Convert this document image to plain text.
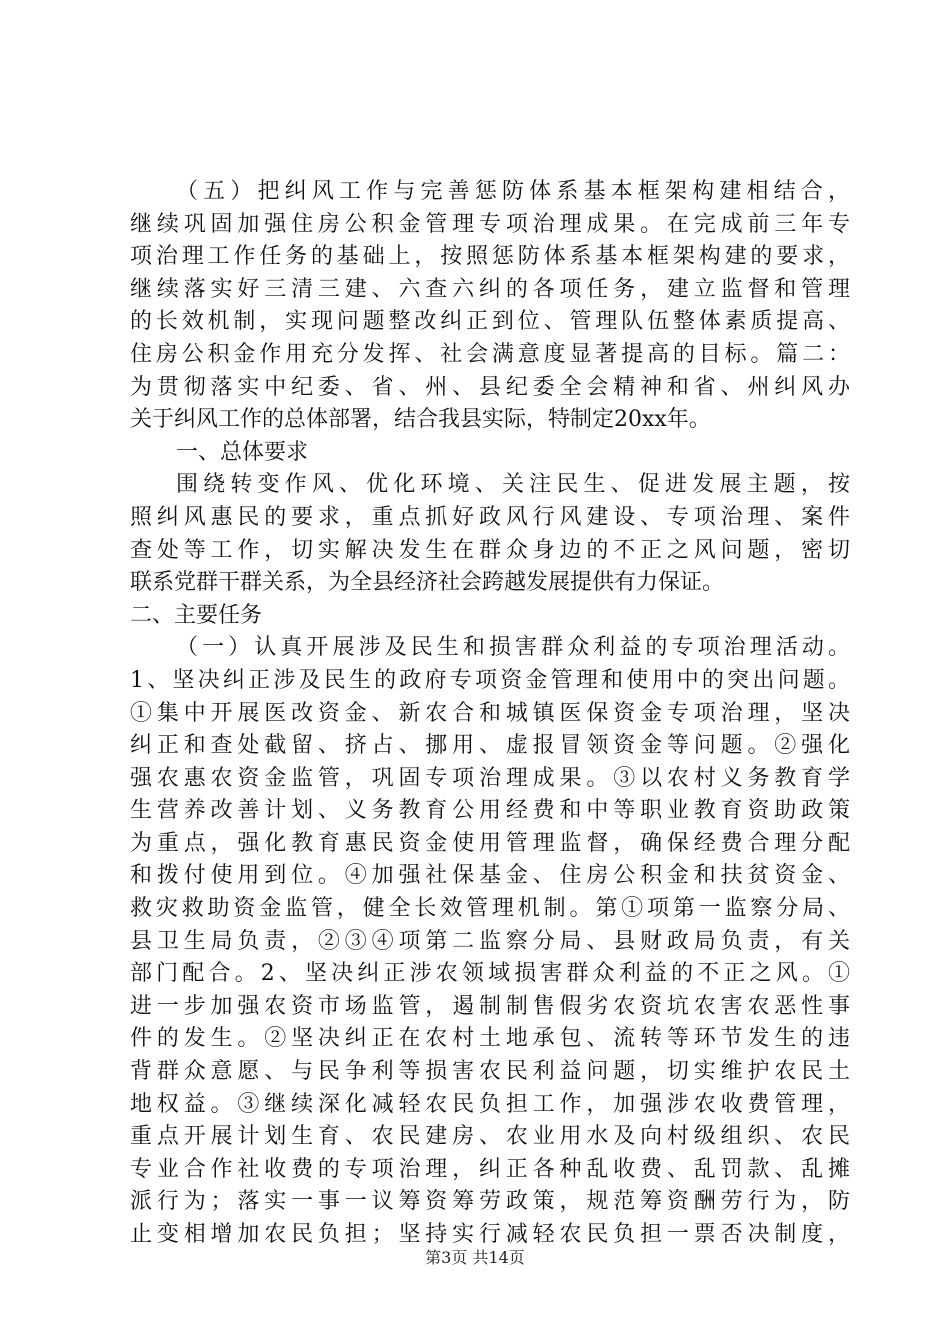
（五）把纠风工作与完善惩防体系基本框架构建相结合，
继续巩固加强住房公积金管理专项治理成果。在完成前三年专
项治理工作任务的基础上，按照惩防体系基本框架构建的要求，
继续落实好三清三建、六查六纠的各项任务，建立监督和管理
的长效机制，实现问题整改纠正到位、管理队伍整体素质提高、
住房公积金作用充分发挥、社会满意度显著提高的目标。篇二：
为贯彻落实中纪委、省、州、县纪委全会精神和省、州纠风办
关于纠风工作的总体部署，结合我县实际，特制定20xx年。
一、总体要求
围绕转变作风、优化环境、关注民生、促进发展主题，按
照纠风惠民的要求，重点抓好政风行风建设、专项治理、案件
查处等工作，切实解决发生在群众身边的不正之风问题，密切
联系党群干群关系，为全县经济社会跨越发展提供有力保证。
二、主要任务
（一）认真开展涉及民生和损害群众利益的专项治理活动。
1、坚决纠正涉及民生的政府专项资金管理和使用中的突出问题。
①集中开展医改资金、新农合和城镇医保资金专项治理，坚决
纠正和查处截留、挤占、挪用、虚报冒领资金等问题。②强化
强农惠农资金监管，巩固专项治理成果。③以农村义务教育学
生营养改善计划、义务教育公用经费和中等职业教育资助政策
为重点，强化教育惠民资金使用管理监督，确保经费合理分配
和拨付使用到位。④加强社保基金、住房公积金和扶贫资金、
救灾救助资金监管，健全长效管理机制。第①项第一监察分局、
县卫生局负责，②③④项第二监察分局、县财政局负责，有关
部门配合。2、坚决纠正涉农领域损害群众利益的不正之风。①
进一步加强农资市场监管，遏制制售假劣农资坑农害农恶性事
件的发生。②坚决纠正在农村土地承包、流转等环节发生的违
背群众意愿、与民争利等损害农民利益问题，切实维护农民土
地权益。③继续深化减轻农民负担工作，加强涉农收费管理，
重点开展计划生育、农民建房、农业用水及向村级组织、农民
专业合作社收费的专项治理，纠正各种乱收费、乱罚款、乱摊
派行为；落实一事一议筹资筹劳政策，规范筹资酬劳行为，防
止变相增加农民负担；坚持实行减轻农民负担一票否决制度，
第3页 共14页
